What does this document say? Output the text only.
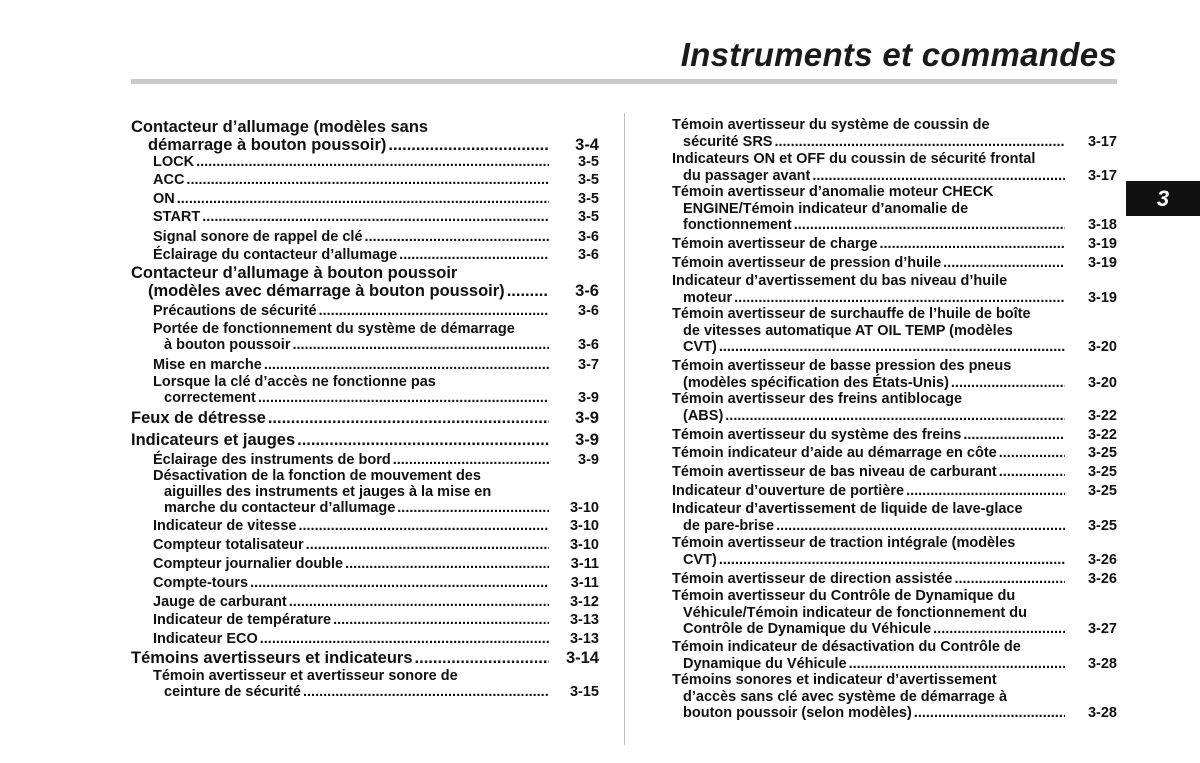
Instruments et commandes
3
Contacteur d’allumage (modèles sans
démarrage à bouton poussoir) .....	3-4
LOCK .....	3-5
ACC .....	3-5
ON .....	3-5
START .....	3-5
Signal sonore de rappel de clé .....	3-6
Éclairage du contacteur d’allumage .....	3-6
Contacteur d’allumage à bouton poussoir
(modèles avec démarrage à bouton poussoir) .....	3-6
Précautions de sécurité .....	3-6
Portée de fonctionnement du système de démarrage
à bouton poussoir .....	3-6
Mise en marche .....	3-7
Lorsque la clé d’accès ne fonctionne pas
correctement .....	3-9
Feux de détresse .....	3-9
Indicateurs et jauges .....	3-9
Éclairage des instruments de bord .....	3-9
Désactivation de la fonction de mouvement des
aiguilles des instruments et jauges à la mise en
marche du contacteur d’allumage .....	3-10
Indicateur de vitesse .....	3-10
Compteur totalisateur .....	3-10
Compteur journalier double .....	3-11
Compte-tours .....	3-11
Jauge de carburant .....	3-12
Indicateur de température .....	3-13
Indicateur ECO .....	3-13
Témoins avertisseurs et indicateurs .....	3-14
Témoin avertisseur et avertisseur sonore de
ceinture de sécurité .....	3-15
Témoin avertisseur du système de coussin de
sécurité SRS .....	3-17
Indicateurs ON et OFF du coussin de sécurité frontal
du passager avant .....	3-17
Témoin avertisseur d’anomalie moteur CHECK
ENGINE/Témoin indicateur d’anomalie de
fonctionnement .....	3-18
Témoin avertisseur de charge .....	3-19
Témoin avertisseur de pression d’huile .....	3-19
Indicateur d’avertissement du bas niveau d’huile
moteur .....	3-19
Témoin avertisseur de surchauffe de l’huile de boîte
de vitesses automatique AT OIL TEMP (modèles
CVT) .....	3-20
Témoin avertisseur de basse pression des pneus
(modèles spécification des États-Unis) .....	3-20
Témoin avertisseur des freins antiblocage
(ABS) .....	3-22
Témoin avertisseur du système des freins .....	3-22
Témoin indicateur d’aide au démarrage en côte .....	3-25
Témoin avertisseur de bas niveau de carburant .....	3-25
Indicateur d’ouverture de portière .....	3-25
Indicateur d’avertissement de liquide de lave-glace
de pare-brise .....	3-25
Témoin avertisseur de traction intégrale (modèles
CVT) .....	3-26
Témoin avertisseur de direction assistée .....	3-26
Témoin avertisseur du Contrôle de Dynamique du
Véhicule/Témoin indicateur de fonctionnement du
Contrôle de Dynamique du Véhicule .....	3-27
Témoin indicateur de désactivation du Contrôle de
Dynamique du Véhicule .....	3-28
Témoins sonores et indicateur d’avertissement
d’accès sans clé avec système de démarrage à
bouton poussoir (selon modèles) .....	3-28
